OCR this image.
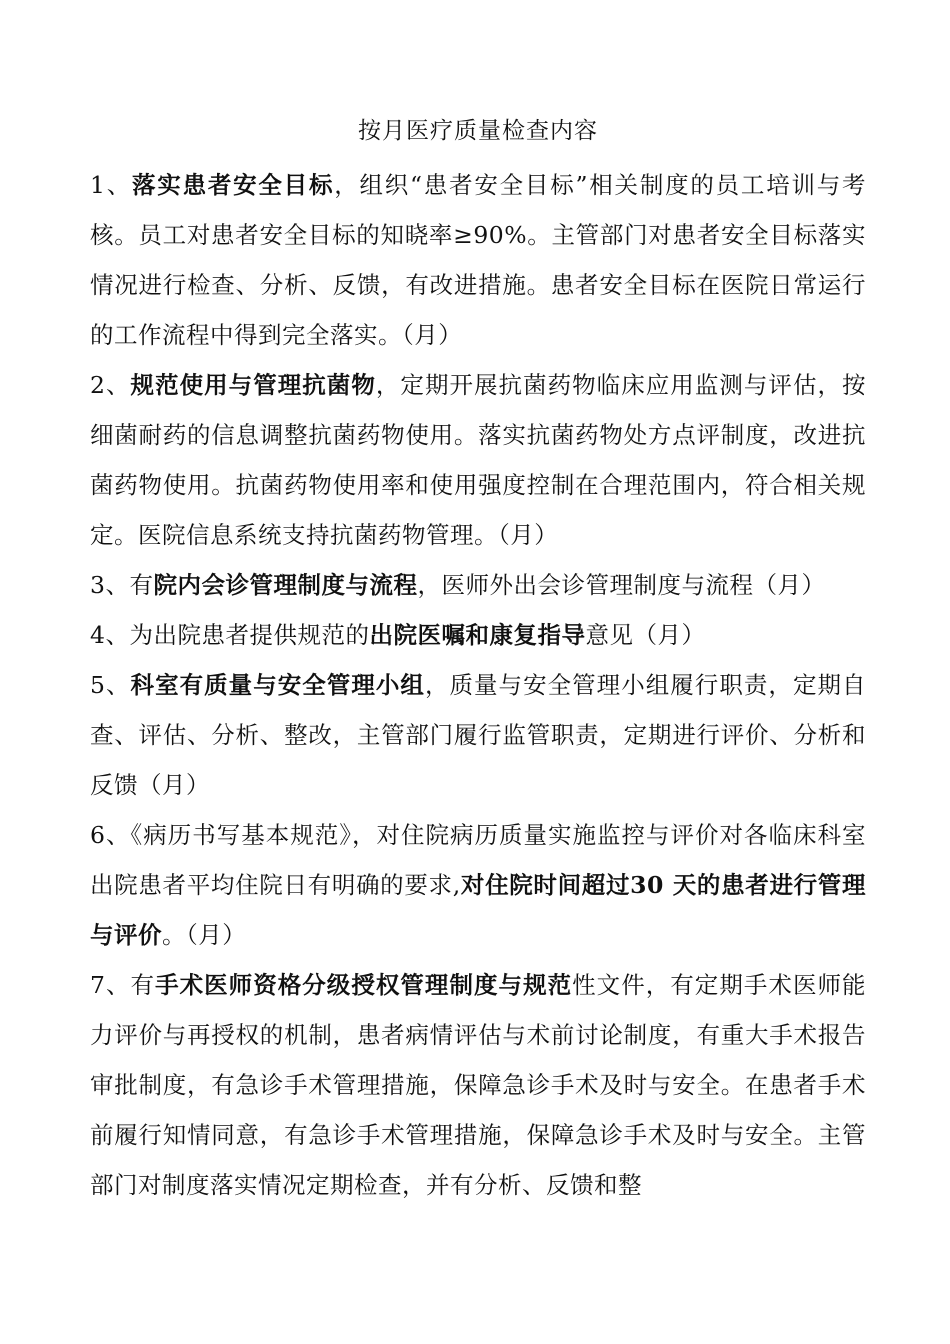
按月医疗质量检查内容

1、落实患者安全目标，组织“患者安全目标”相关制度的员工培训与考核。员工对患者安全目标的知晓率≥90%。主管部门对患者安全目标落实情况进行检查、分析、反馈，有改进措施。患者安全目标在医院日常运行的工作流程中得到完全落实。（月）

2、规范使用与管理抗菌物，定期开展抗菌药物临床应用监测与评估，按细菌耐药的信息调整抗菌药物使用。落实抗菌药物处方点评制度，改进抗菌药物使用。抗菌药物使用率和使用强度控制在合理范围内，符合相关规定。医院信息系统支持抗菌药物管理。（月）

3、有院内会诊管理制度与流程，医师外出会诊管理制度与流程（月）

4、为出院患者提供规范的出院医嘱和康复指导意见（月）

5、科室有质量与安全管理小组，质量与安全管理小组履行职责，定期自查、评估、分析、整改，主管部门履行监管职责，定期进行评价、分析和反馈（月）

6、《病历书写基本规范》，对住院病历质量实施监控与评价对各临床科室出院患者平均住院日有明确的要求,对住院时间超过30 天的患者进行管理与评价。（月）

7、有手术医师资格分级授权管理制度与规范性文件，有定期手术医师能力评价与再授权的机制，患者病情评估与术前讨论制度，有重大手术报告审批制度，有急诊手术管理措施，保障急诊手术及时与安全。在患者手术前履行知情同意，有急诊手术管理措施，保障急诊手术及时与安全。主管部门对制度落实情况定期检查，并有分析、反馈和整
